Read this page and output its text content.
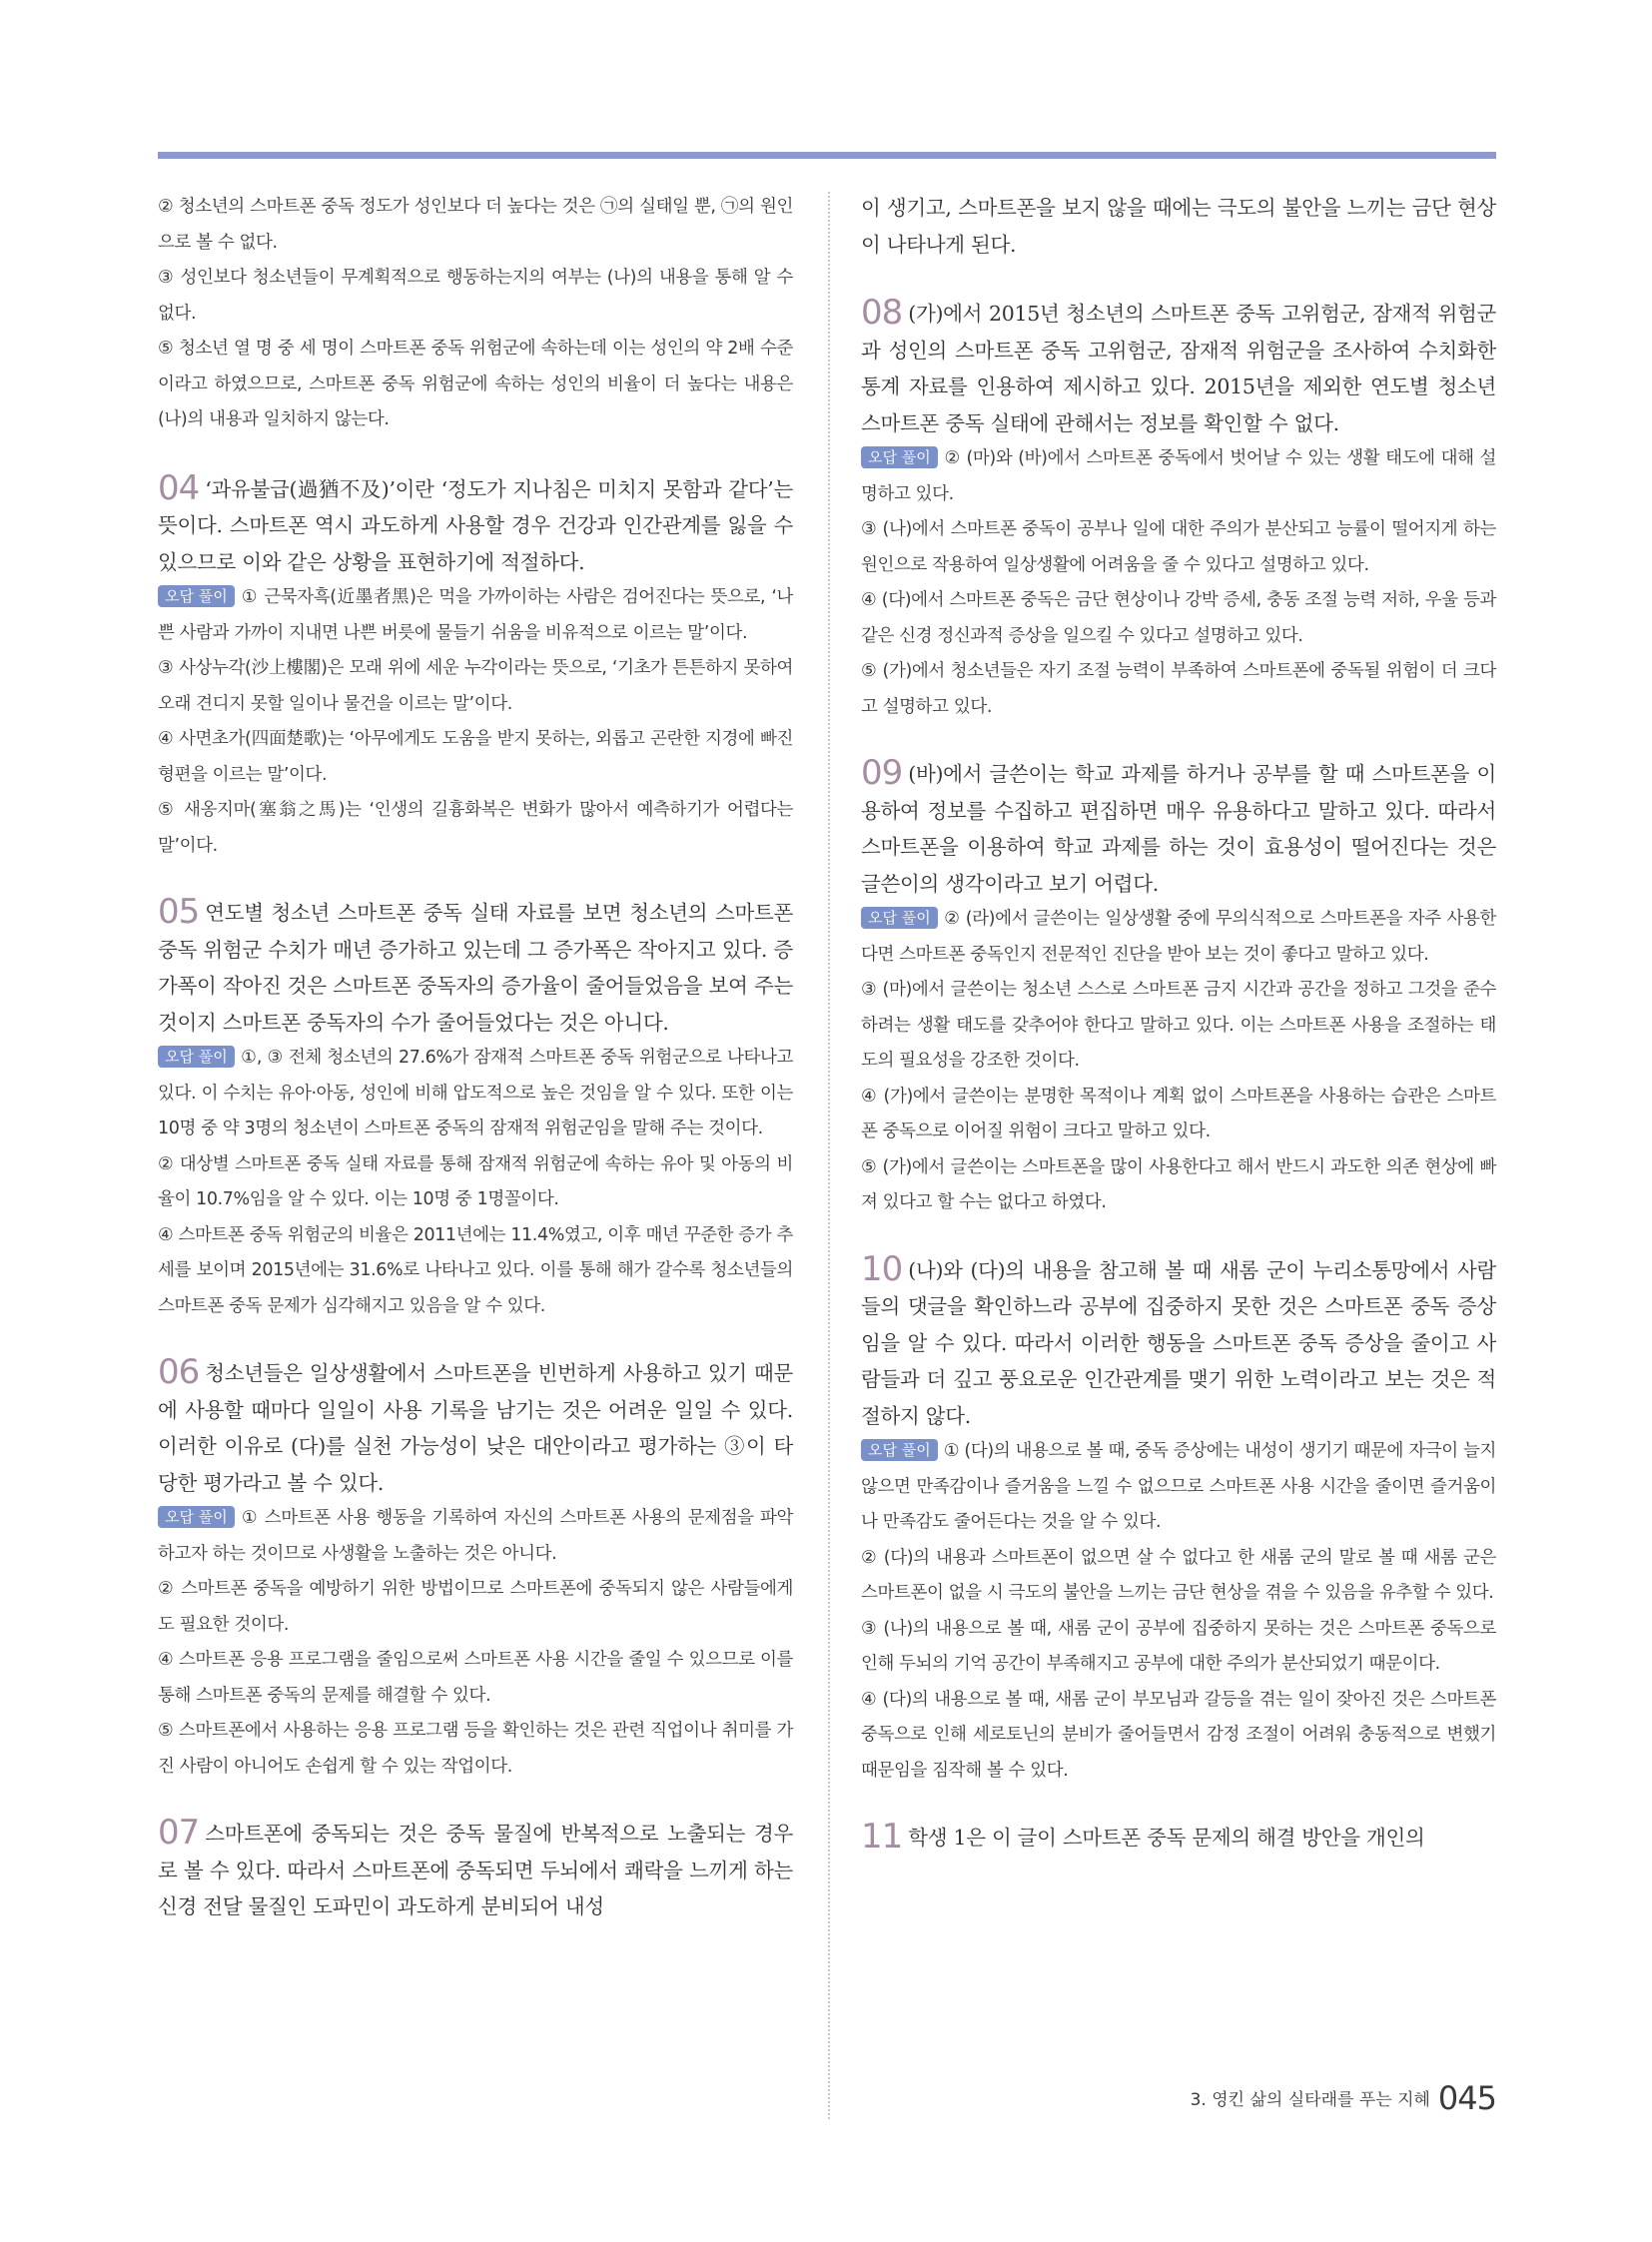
② 청소년의 스마트폰 중독 정도가 성인보다 더 높다는 것은 ㉠의 실태일 뿐, ㉠의 원인으로 볼 수 없다.

③ 성인보다 청소년들이 무계획적으로 행동하는지의 여부는 (나)의 내용을 통해 알 수 없다.

⑤ 청소년 열 명 중 세 명이 스마트폰 중독 위험군에 속하는데 이는 성인의 약 2배 수준이라고 하였으므로, 스마트폰 중독 위험군에 속하는 성인의 비율이 더 높다는 내용은 (나)의 내용과 일치하지 않는다.

04 ‘과유불급(過猶不及)’이란 ‘정도가 지나침은 미치지 못함과 같다’는 뜻이다. 스마트폰 역시 과도하게 사용할 경우 건강과 인간관계를 잃을 수 있으므로 이와 같은 상황을 표현하기에 적절하다.

오답 풀이 ① 근묵자흑(近墨者黑)은 먹을 가까이하는 사람은 검어진다는 뜻으로, ‘나쁜 사람과 가까이 지내면 나쁜 버릇에 물들기 쉬움을 비유적으로 이르는 말’이다.

③ 사상누각(沙上樓閣)은 모래 위에 세운 누각이라는 뜻으로, ‘기초가 튼튼하지 못하여 오래 견디지 못할 일이나 물건을 이르는 말’이다.

④ 사면초가(四面楚歌)는 ‘아무에게도 도움을 받지 못하는, 외롭고 곤란한 지경에 빠진 형편을 이르는 말’이다.

⑤ 새옹지마(塞翁之馬)는 ‘인생의 길흉화복은 변화가 많아서 예측하기가 어렵다는 말’이다.

05 연도별 청소년 스마트폰 중독 실태 자료를 보면 청소년의 스마트폰 중독 위험군 수치가 매년 증가하고 있는데 그 증가폭은 작아지고 있다. 증가폭이 작아진 것은 스마트폰 중독자의 증가율이 줄어들었음을 보여 주는 것이지 스마트폰 중독자의 수가 줄어들었다는 것은 아니다.

오답 풀이 ①, ③ 전체 청소년의 27.6%가 잠재적 스마트폰 중독 위험군으로 나타나고 있다. 이 수치는 유아·아동, 성인에 비해 압도적으로 높은 것임을 알 수 있다. 또한 이는 10명 중 약 3명의 청소년이 스마트폰 중독의 잠재적 위험군임을 말해 주는 것이다.

② 대상별 스마트폰 중독 실태 자료를 통해 잠재적 위험군에 속하는 유아 및 아동의 비율이 10.7%임을 알 수 있다. 이는 10명 중 1명꼴이다.

④ 스마트폰 중독 위험군의 비율은 2011년에는 11.4%였고, 이후 매년 꾸준한 증가 추세를 보이며 2015년에는 31.6%로 나타나고 있다. 이를 통해 해가 갈수록 청소년들의 스마트폰 중독 문제가 심각해지고 있음을 알 수 있다.

06 청소년들은 일상생활에서 스마트폰을 빈번하게 사용하고 있기 때문에 사용할 때마다 일일이 사용 기록을 남기는 것은 어려운 일일 수 있다. 이러한 이유로 (다)를 실천 가능성이 낮은 대안이라고 평가하는 ③이 타당한 평가라고 볼 수 있다.

오답 풀이 ① 스마트폰 사용 행동을 기록하여 자신의 스마트폰 사용의 문제점을 파악하고자 하는 것이므로 사생활을 노출하는 것은 아니다.

② 스마트폰 중독을 예방하기 위한 방법이므로 스마트폰에 중독되지 않은 사람들에게도 필요한 것이다.

④ 스마트폰 응용 프로그램을 줄임으로써 스마트폰 사용 시간을 줄일 수 있으므로 이를 통해 스마트폰 중독의 문제를 해결할 수 있다.

⑤ 스마트폰에서 사용하는 응용 프로그램 등을 확인하는 것은 관련 직업이나 취미를 가진 사람이 아니어도 손쉽게 할 수 있는 작업이다.

07 스마트폰에 중독되는 것은 중독 물질에 반복적으로 노출되는 경우로 볼 수 있다. 따라서 스마트폰에 중독되면 두뇌에서 쾌락을 느끼게 하는 신경 전달 물질인 도파민이 과도하게 분비되어 내성

이 생기고, 스마트폰을 보지 않을 때에는 극도의 불안을 느끼는 금단 현상이 나타나게 된다.

08 (가)에서 2015년 청소년의 스마트폰 중독 고위험군, 잠재적 위험군과 성인의 스마트폰 중독 고위험군, 잠재적 위험군을 조사하여 수치화한 통계 자료를 인용하여 제시하고 있다. 2015년을 제외한 연도별 청소년 스마트폰 중독 실태에 관해서는 정보를 확인할 수 없다.

오답 풀이 ② (마)와 (바)에서 스마트폰 중독에서 벗어날 수 있는 생활 태도에 대해 설명하고 있다.

③ (나)에서 스마트폰 중독이 공부나 일에 대한 주의가 분산되고 능률이 떨어지게 하는 원인으로 작용하여 일상생활에 어려움을 줄 수 있다고 설명하고 있다.

④ (다)에서 스마트폰 중독은 금단 현상이나 강박 증세, 충동 조절 능력 저하, 우울 등과 같은 신경 정신과적 증상을 일으킬 수 있다고 설명하고 있다.

⑤ (가)에서 청소년들은 자기 조절 능력이 부족하여 스마트폰에 중독될 위험이 더 크다고 설명하고 있다.

09 (바)에서 글쓴이는 학교 과제를 하거나 공부를 할 때 스마트폰을 이용하여 정보를 수집하고 편집하면 매우 유용하다고 말하고 있다. 따라서 스마트폰을 이용하여 학교 과제를 하는 것이 효용성이 떨어진다는 것은 글쓴이의 생각이라고 보기 어렵다.

오답 풀이 ② (라)에서 글쓴이는 일상생활 중에 무의식적으로 스마트폰을 자주 사용한다면 스마트폰 중독인지 전문적인 진단을 받아 보는 것이 좋다고 말하고 있다.

③ (마)에서 글쓴이는 청소년 스스로 스마트폰 금지 시간과 공간을 정하고 그것을 준수하려는 생활 태도를 갖추어야 한다고 말하고 있다. 이는 스마트폰 사용을 조절하는 태도의 필요성을 강조한 것이다.

④ (가)에서 글쓴이는 분명한 목적이나 계획 없이 스마트폰을 사용하는 습관은 스마트폰 중독으로 이어질 위험이 크다고 말하고 있다.

⑤ (가)에서 글쓴이는 스마트폰을 많이 사용한다고 해서 반드시 과도한 의존 현상에 빠져 있다고 할 수는 없다고 하였다.

10 (나)와 (다)의 내용을 참고해 볼 때 새롬 군이 누리소통망에서 사람들의 댓글을 확인하느라 공부에 집중하지 못한 것은 스마트폰 중독 증상임을 알 수 있다. 따라서 이러한 행동을 스마트폰 중독 증상을 줄이고 사람들과 더 깊고 풍요로운 인간관계를 맺기 위한 노력이라고 보는 것은 적절하지 않다.

오답 풀이 ① (다)의 내용으로 볼 때, 중독 증상에는 내성이 생기기 때문에 자극이 늘지 않으면 만족감이나 즐거움을 느낄 수 없으므로 스마트폰 사용 시간을 줄이면 즐거움이나 만족감도 줄어든다는 것을 알 수 있다.

② (다)의 내용과 스마트폰이 없으면 살 수 없다고 한 새롬 군의 말로 볼 때 새롬 군은 스마트폰이 없을 시 극도의 불안을 느끼는 금단 현상을 겪을 수 있음을 유추할 수 있다.

③ (나)의 내용으로 볼 때, 새롬 군이 공부에 집중하지 못하는 것은 스마트폰 중독으로 인해 두뇌의 기억 공간이 부족해지고 공부에 대한 주의가 분산되었기 때문이다.

④ (다)의 내용으로 볼 때, 새롬 군이 부모님과 갈등을 겪는 일이 잦아진 것은 스마트폰 중독으로 인해 세로토닌의 분비가 줄어들면서 감정 조절이 어려워 충동적으로 변했기 때문임을 짐작해 볼 수 있다.

11 학생 1은 이 글이 스마트폰 중독 문제의 해결 방안을 개인의

3. 영킨 삶의 실타래를 푸는 지혜 045
